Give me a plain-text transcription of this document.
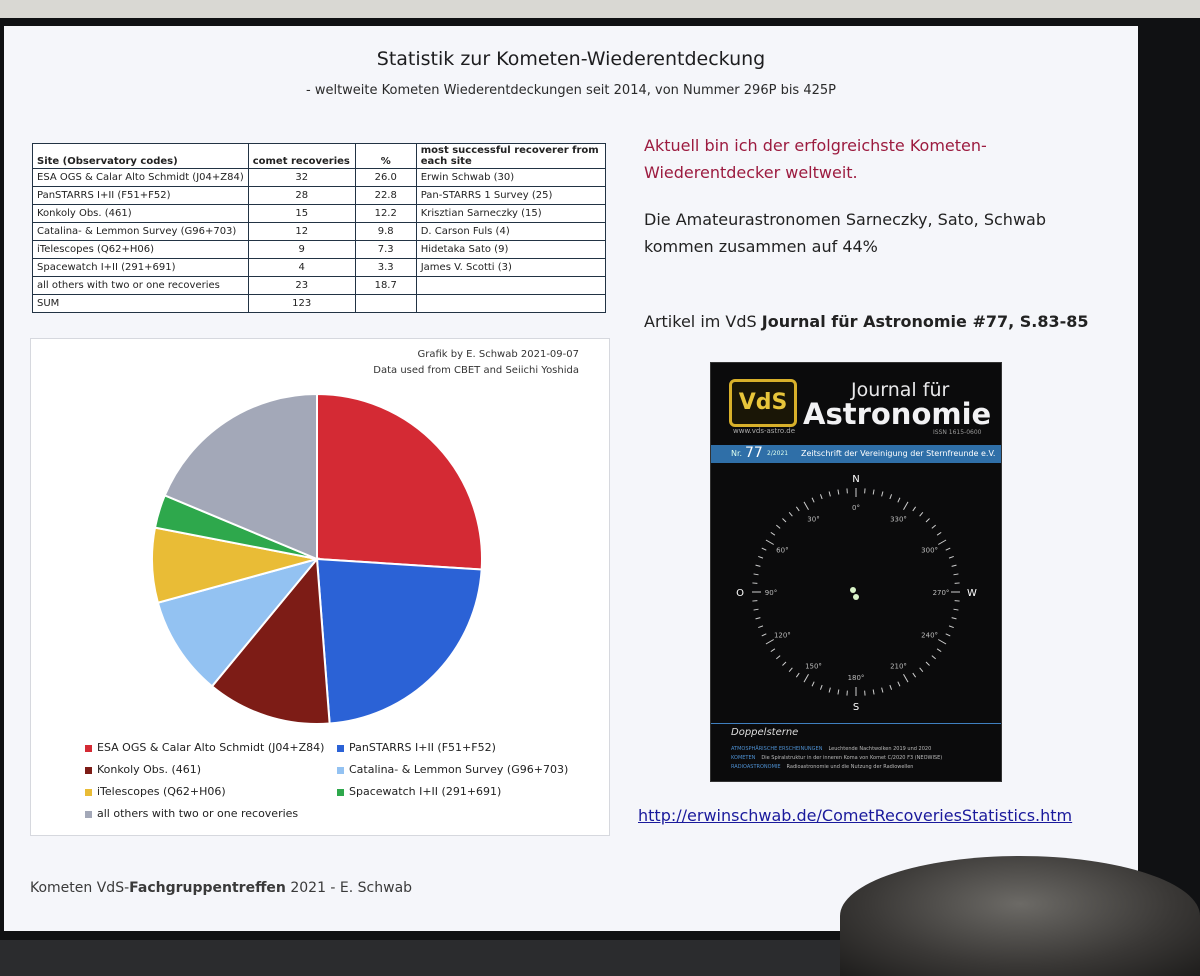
Statistik zur Kometen-Wiederentdeckung
- weltweite Kometen Wiederentdeckungen seit 2014, von Nummer 296P bis 425P
Site (Observatory codes)	comet recoveries	%	most successful recoverer from each site
ESA OGS & Calar Alto Schmidt (J04+Z84)	32	26.0	Erwin Schwab (30)
PanSTARRS I+II (F51+F52)	28	22.8	Pan-STARRS 1 Survey (25)
Konkoly Obs. (461)	15	12.2	Krisztian Sarneczky (15)
Catalina- & Lemmon Survey (G96+703)	12	9.8	D. Carson Fuls (4)
iTelescopes (Q62+H06)	9	7.3	Hidetaka Sato (9)
Spacewatch I+II (291+691)	4	3.3	James V. Scotti (3)
all others with two or one recoveries	23	18.7	
SUM	123		
Grafik by E. Schwab 2021-09-07
Data used from CBET and Seiichi Yoshida
ESA OGS & Calar Alto Schmidt (J04+Z84)	PanSTARRS I+II (F51+F52)
Konkoly Obs. (461)	Catalina- & Lemmon Survey (G96+703)
iTelescopes (Q62+H06)	Spacewatch I+II (291+691)
all others with two or one recoveries
Aktuell bin ich der erfolgreichste Kometen-Wiederentdecker weltweit.
Die Amateurastronomen Sarneczky, Sato, Schwab kommen zusammen auf 44%
Artikel im VdS Journal für Astronomie #77, S.83-85
VdS
www.vds-astro.de
Journal für
Astronomie
ISSN 1615-0600
Nr. 77 2/2021 Zeitschrift der Vereinigung der Sternfreunde e.V.
0°
30°
60°
90°
120°
150°
180°
210°
240°
270°
300°
330°
N
S
O	W
Doppelsterne
ATMOSPHÄRISCHE ERSCHEINUNGEN Leuchtende Nachtwolken 2019 und 2020
KOMETEN Die Spiralstruktur in der inneren Koma von Komet C/2020 F3 (NEOWISE)
RADIOASTRONOMIE Radioastronomie und die Nutzung der Radiowellen
http://erwinschwab.de/CometRecoveriesStatistics.htm
Kometen VdS-Fachgruppentreffen 2021 - E. Schwab
